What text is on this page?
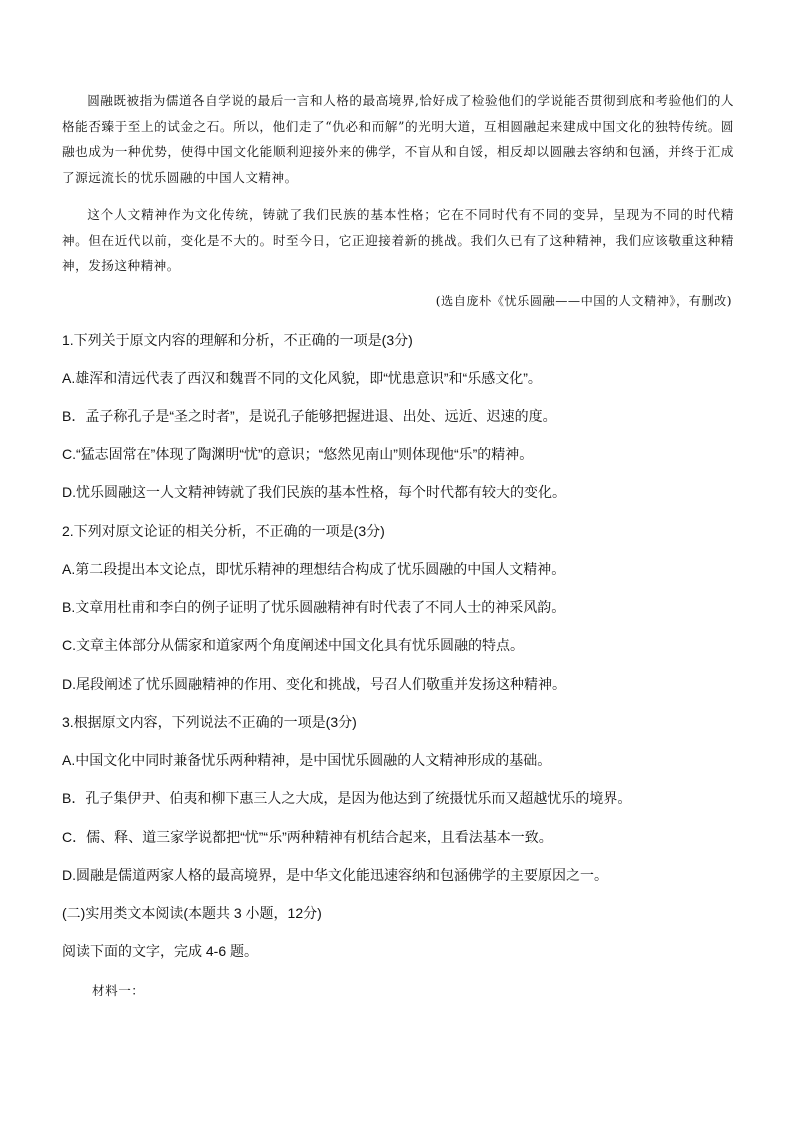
圆融既被指为儒道各自学说的最后一言和人格的最高境界,恰好成了检验他们的学说能否贯彻到底和考验他们的人格能否臻于至上的试金之石。所以，他们走了“仇必和而解”的光明大道，互相圆融起来建成中国文化的独特传统。圆融也成为一种优势，使得中国文化能顺利迎接外来的佛学，不盲从和自馁，相反却以圆融去容纳和包涵，并终于汇成了源远流长的忧乐圆融的中国人文精神。

这个人文精神作为文化传统，铸就了我们民族的基本性格；它在不同时代有不同的变异，呈现为不同的时代精神。但在近代以前，变化是不大的。时至今日，它正迎接着新的挑战。我们久已有了这种精神，我们应该敬重这种精神，发扬这种精神。

(选自庞朴《忧乐圆融——中国的人文精神》，有删改)
1.下列关于原文内容的理解和分析，不正确的一项是(3分)
A.雄浑和清远代表了西汉和魏晋不同的文化风貌，即“忧患意识”和“乐感文化”。
B．孟子称孔子是“圣之时者”，是说孔子能够把握进退、出处、远近、迟速的度。
C.“猛志固常在”体现了陶渊明“忧”的意识；“悠然见南山”则体现他“乐”的精神。
D.忧乐圆融这一人文精神铸就了我们民族的基本性格，每个时代都有较大的变化。
2.下列对原文论证的相关分析，不正确的一项是(3分)
A.第二段提出本文论点，即忧乐精神的理想结合构成了忧乐圆融的中国人文精神。
B.文章用杜甫和李白的例子证明了忧乐圆融精神有时代表了不同人士的神采风韵。
C.文章主体部分从儒家和道家两个角度阐述中国文化具有忧乐圆融的特点。
D.尾段阐述了忧乐圆融精神的作用、变化和挑战，号召人们敬重并发扬这种精神。
3.根据原文内容，下列说法不正确的一项是(3分)
A.中国文化中同时兼备忧乐两种精神，是中国忧乐圆融的人文精神形成的基础。
B．孔子集伊尹、伯夷和柳下惠三人之大成，是因为他达到了统摄忧乐而又超越忧乐的境界。
C．儒、释、道三家学说都把“忧”“乐”两种精神有机结合起来，且看法基本一致。
D.圆融是儒道两家人格的最高境界，是中华文化能迅速容纳和包涵佛学的主要原因之一。
(二)实用类文本阅读(本题共 3 小题，12分)
阅读下面的文字，完成 4-6 题。
材料一：
